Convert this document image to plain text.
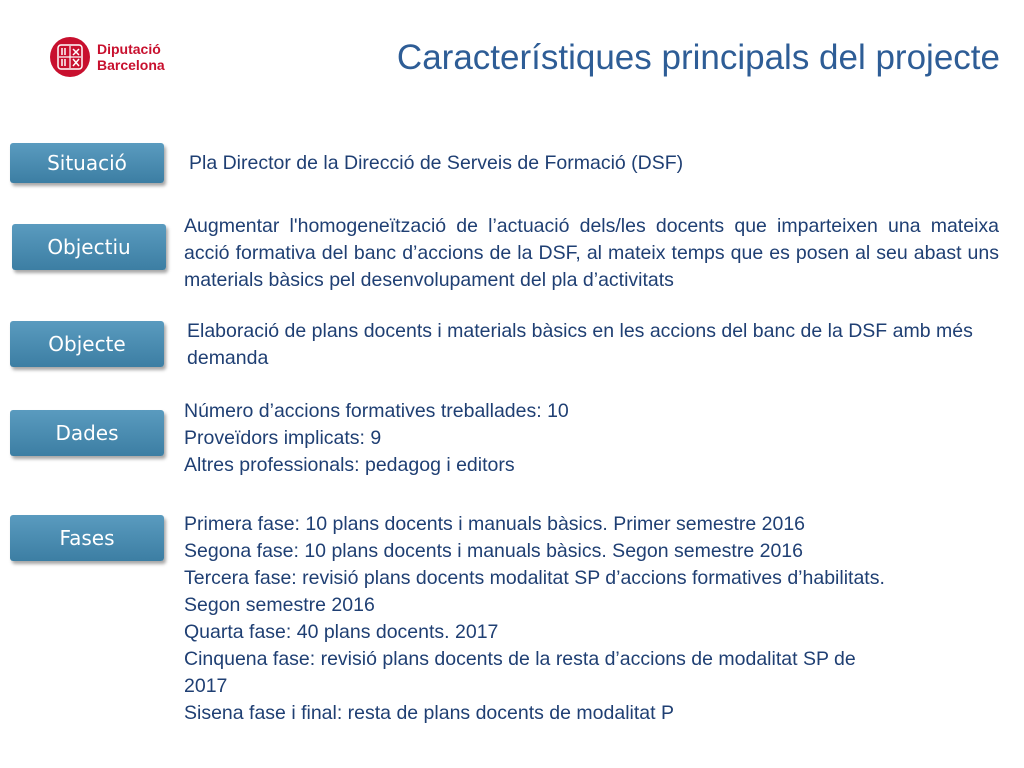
Diputació
Barcelona	Característiques principals del projecte
Situació	Pla Director de la Direcció de Serveis de Formació (DSF)
Objectiu
Augmentar l'homogeneïtzació de l’actuació dels/les docents que imparteixen una mateixa acció formativa del banc d’accions de la DSF, al mateix temps que es posen al seu abast uns materials bàsics pel desenvolupament del pla d’activitats
Objecte
Elaboració de plans docents i materials bàsics en les accions del banc de la DSF amb més demanda
Dades
Número d’accions formatives treballades: 10
Proveïdors implicats: 9
Altres professionals: pedagog i editors
Fases
Primera fase: 10 plans docents i manuals bàsics. Primer semestre 2016
Segona fase: 10 plans docents i manuals bàsics. Segon semestre 2016
Tercera fase: revisió plans docents modalitat SP d’accions formatives d’habilitats.
Segon semestre 2016
Quarta fase: 40 plans docents. 2017
Cinquena fase: revisió plans docents de la resta d’accions de modalitat SP de
2017
Sisena fase i final: resta de plans docents de modalitat P
